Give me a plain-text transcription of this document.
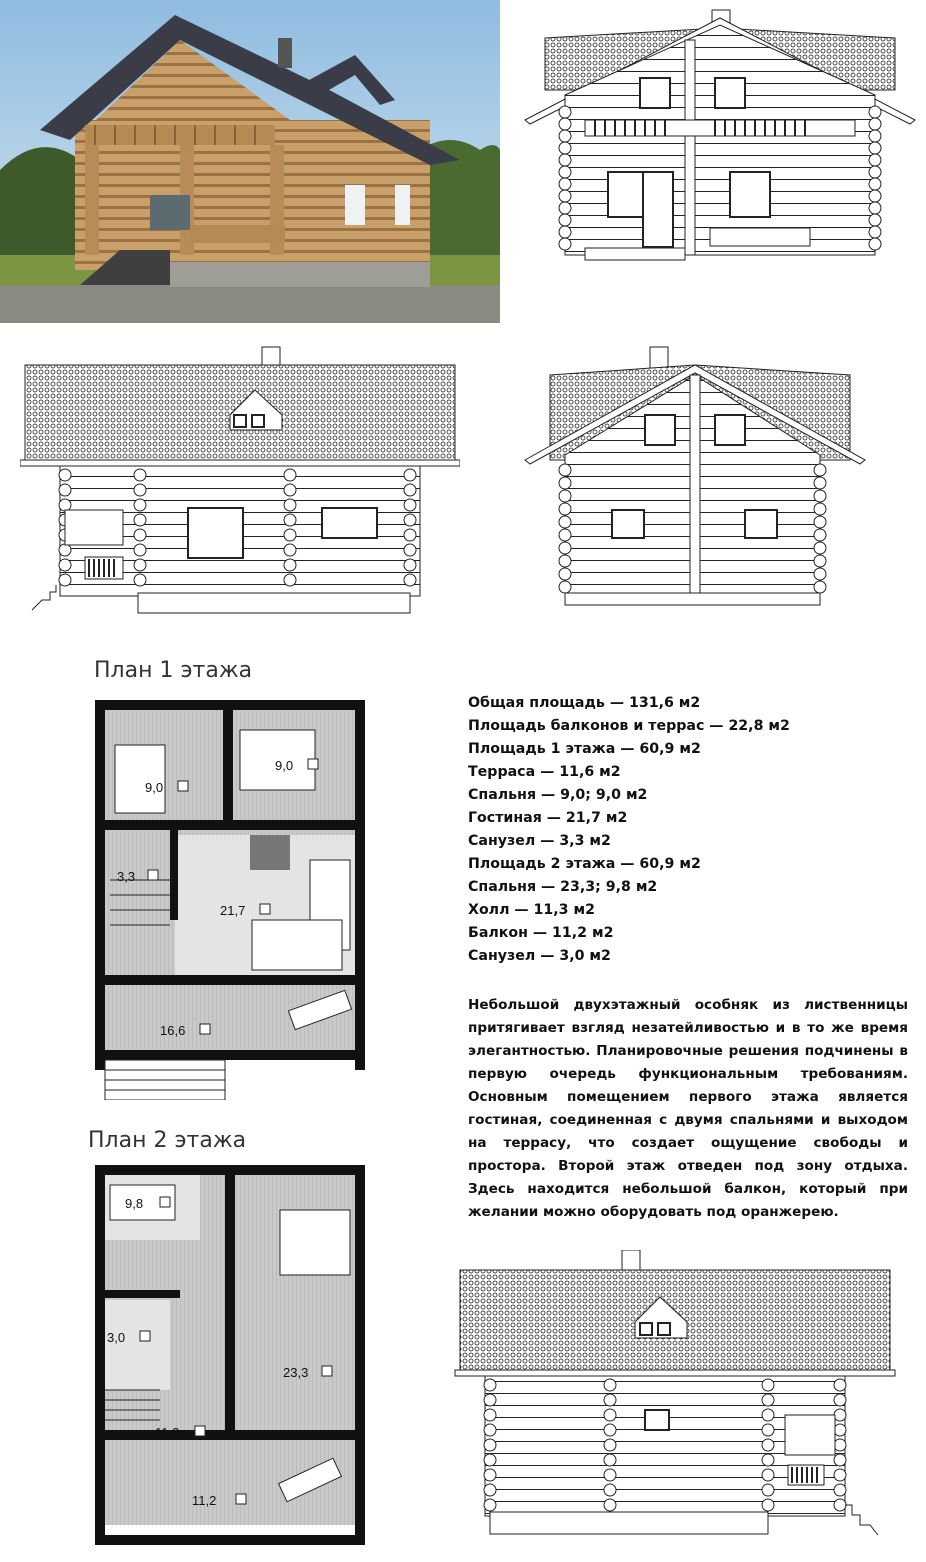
План 1 этажа
9,0
9,0
3,3
21,7
16,6
План 2 этажа
9,8
3,0
23,3
11,3
11,2
Общая площадь — 131,6 м2
Площадь балконов и террас — 22,8 м2
Площадь 1 этажа — 60,9 м2
Терраса — 11,6 м2
Спальня — 9,0; 9,0 м2
Гостиная — 21,7 м2
Санузел — 3,3 м2
Площадь 2 этажа — 60,9 м2
Спальня — 23,3; 9,8 м2
Холл — 11,3 м2
Балкон — 11,2 м2
Санузел — 3,0 м2
Небольшой двухэтажный особняк из лиственницы притягивает взгляд незатейливостью и в то же время элегантностью. Планировочные решения подчинены в первую очередь функциональным требованиям. Основным помещением первого этажа является гостиная, соединенная с двумя спальнями и выходом на террасу, что создает ощущение свободы и простора. Второй этаж отведен под зону отдыха. Здесь находится небольшой балкон, который при желании можно оборудовать под оранжерею.
